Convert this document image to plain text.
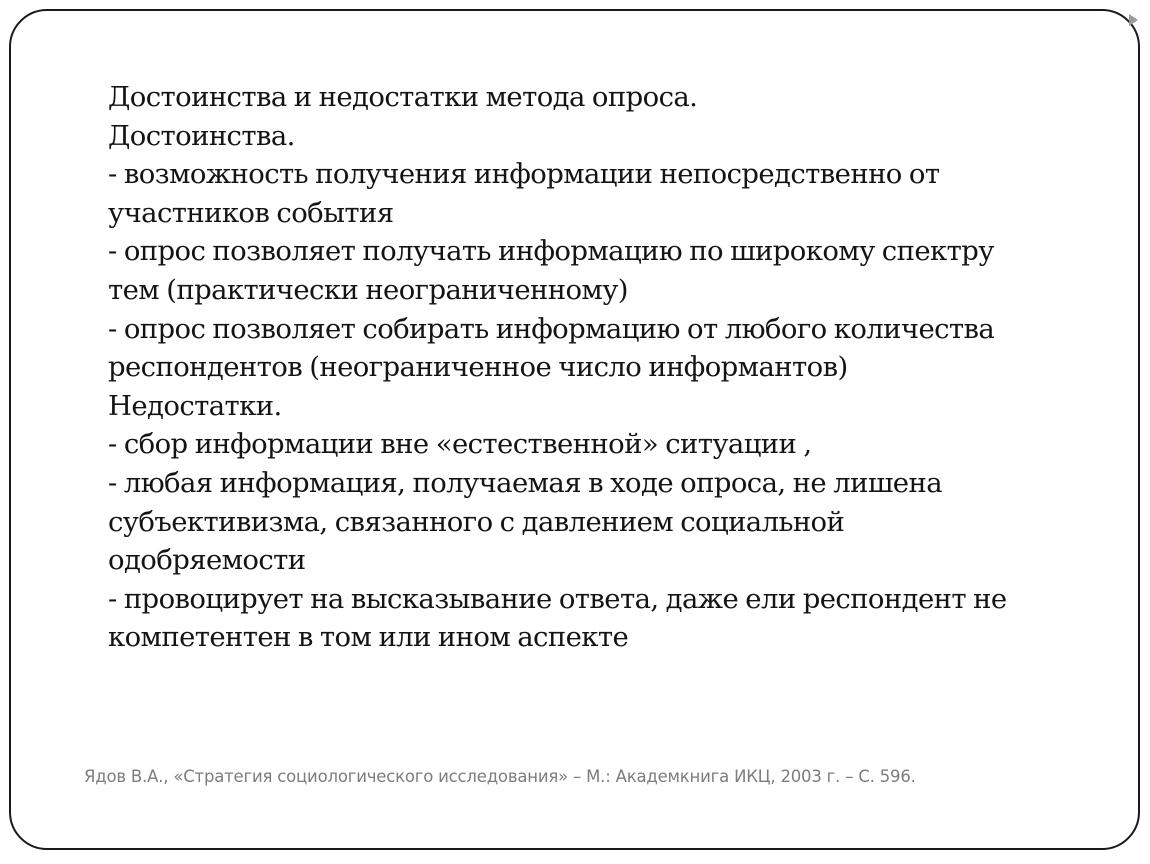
Достоинства и недостатки метода опроса.
Достоинства.
- возможность получения информации непосредственно от
участников события
- опрос позволяет получать информацию по широкому спектру
тем (практически неограниченному)
- опрос позволяет собирать информацию от любого количества
респондентов (неограниченное число информантов)
Недостатки.
- сбор информации вне «естественной» ситуации ,
- любая информация, получаемая в ходе опроса, не лишена
субъективизма, связанного с давлением социальной
одобряемости
- провоцирует на высказывание ответа, даже ели респондент не
компетентен в том или ином аспекте
Ядов В.А., «Стратегия социологического исследования» – М.: Академкнига ИКЦ, 2003 г. – С. 596.
